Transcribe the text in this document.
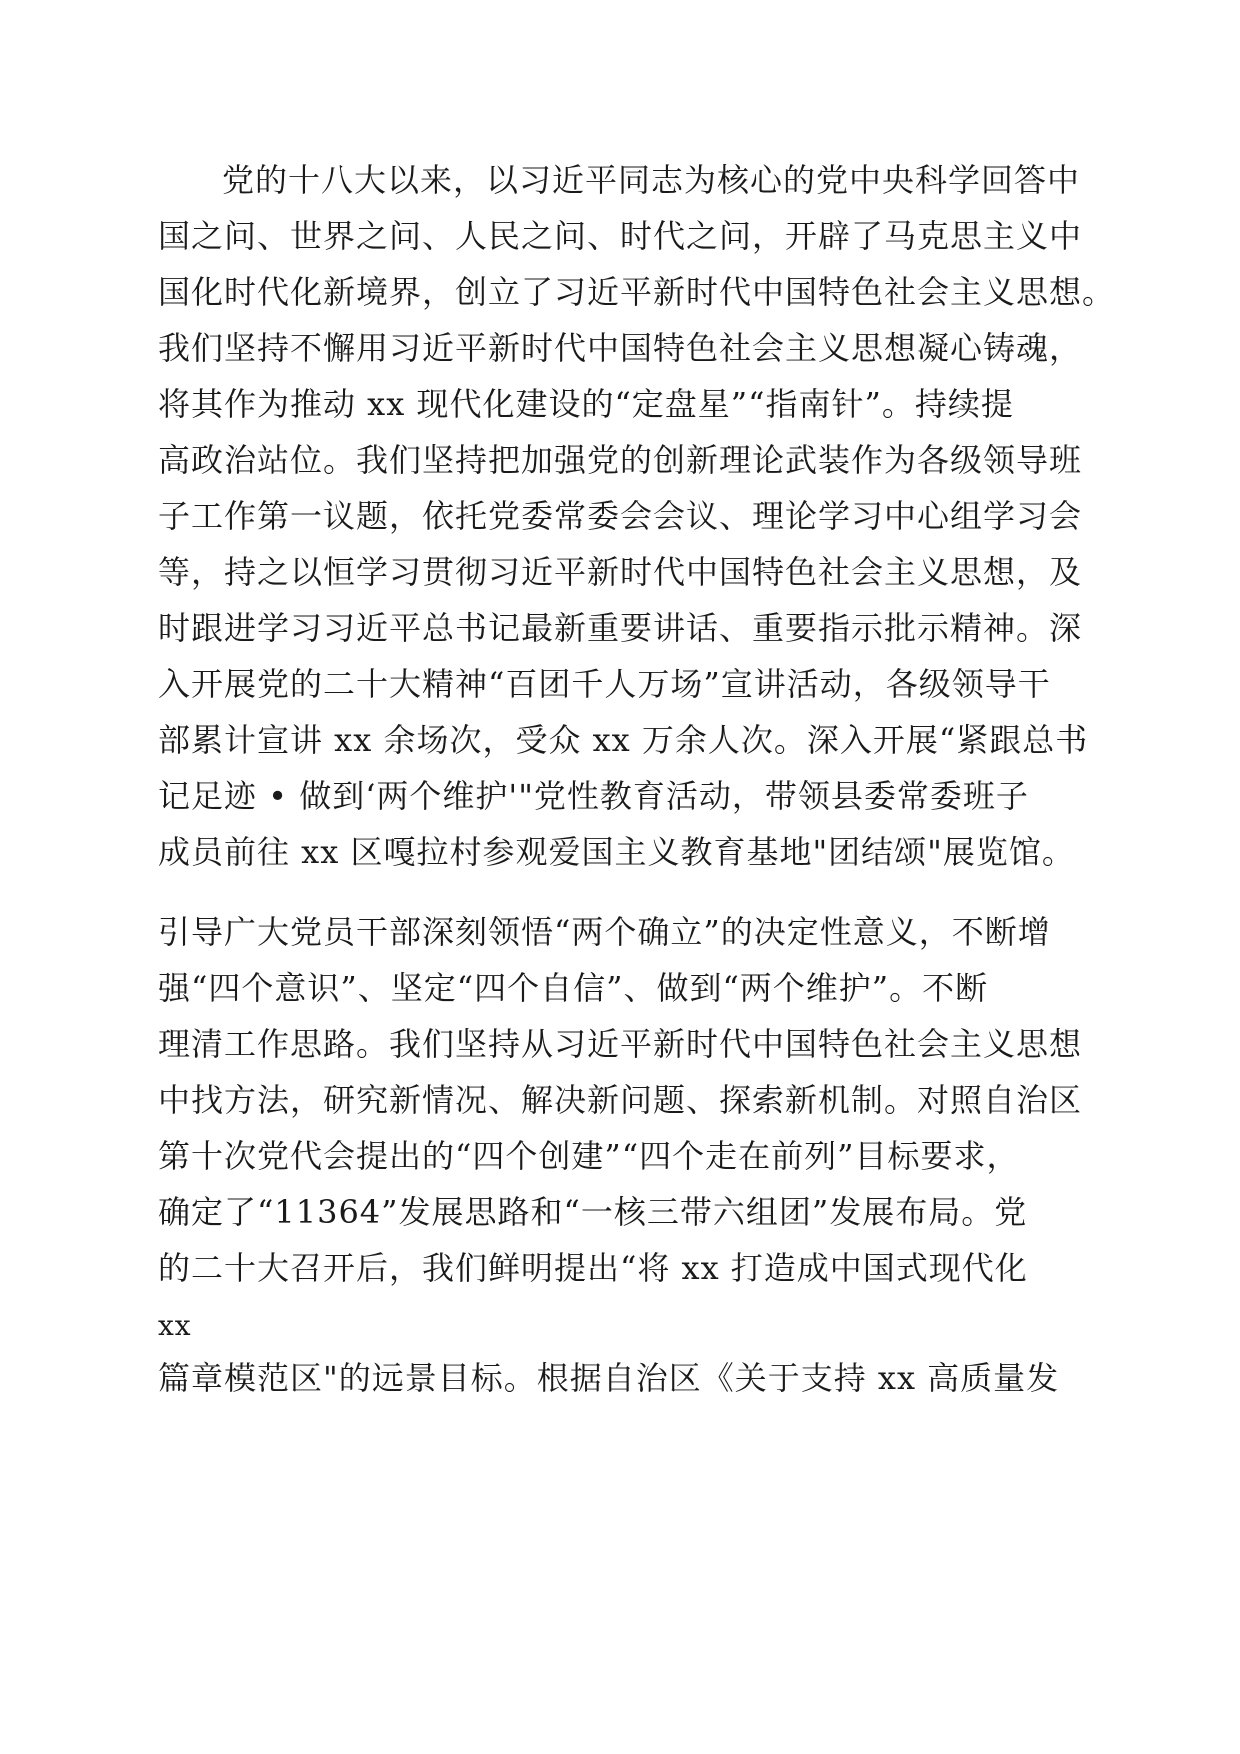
党的十八大以来，以习近平同志为核心的党中央科学回答中
国之问、世界之问、人民之问、时代之问，开辟了马克思主义中
国化时代化新境界，创立了习近平新时代中国特色社会主义思想。
我们坚持不懈用习近平新时代中国特色社会主义思想凝心铸魂，
将其作为推动 xx 现代化建设的“定盘星”“指南针”。持续提
高政治站位。我们坚持把加强党的创新理论武装作为各级领导班
子工作第一议题，依托党委常委会会议、理论学习中心组学习会
等，持之以恒学习贯彻习近平新时代中国特色社会主义思想，及
时跟进学习习近平总书记最新重要讲话、重要指示批示精神。深
入开展党的二十大精神“百团千人万场”宣讲活动，各级领导干
部累计宣讲 xx 余场次，受众 xx 万余人次。深入开展“紧跟总书
记足迹 • 做到‘两个维护'"党性教育活动，带领县委常委班子
成员前往 xx 区嘎拉村参观爱国主义教育基地"团结颂"展览馆。
引导广大党员干部深刻领悟“两个确立”的决定性意义，不断增
强“四个意识”、坚定“四个自信”、做到“两个维护”。不断
理清工作思路。我们坚持从习近平新时代中国特色社会主义思想
中找方法，研究新情况、解决新问题、探索新机制。对照自治区
第十次党代会提出的“四个创建”“四个走在前列”目标要求，
确定了“11364”发展思路和“一核三带六组团”发展布局。党
的二十大召开后，我们鲜明提出“将 xx 打造成中国式现代化
xx
篇章模范区"的远景目标。根据自治区《关于支持 xx 高质量发
